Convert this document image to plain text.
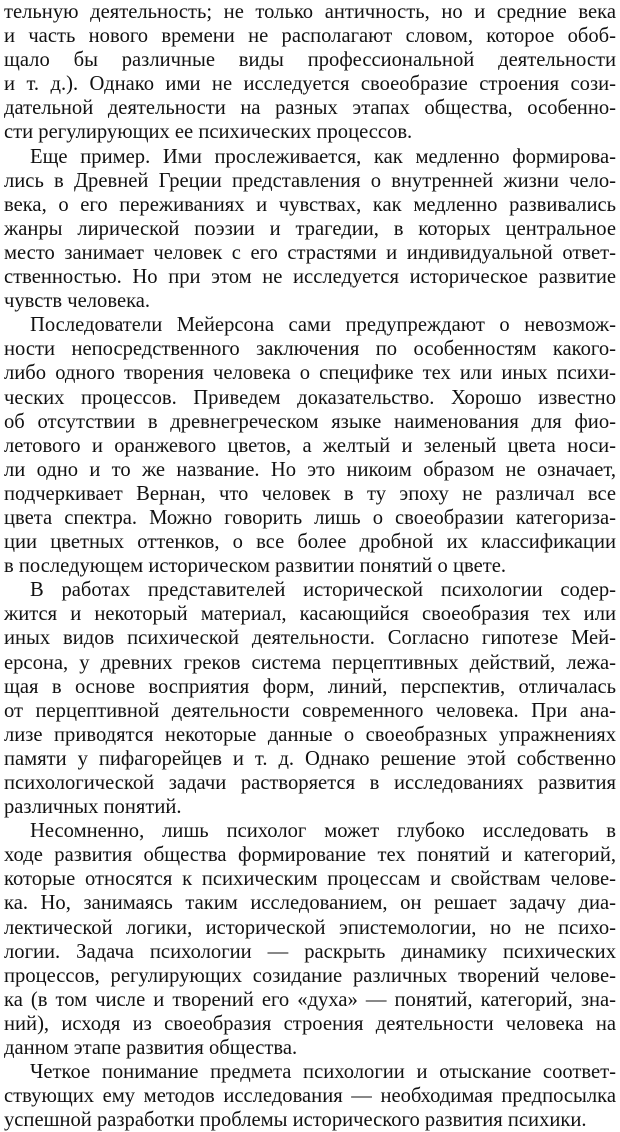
тельную деятельность; не только античность, но и средние века
и часть нового времени не располагают словом, которое обоб-
щало бы различные виды профессиональной деятельности
и т. д.). Однако ими не исследуется своеобразие строения сози-
дательной деятельности на разных этапах общества, особенно-
сти регулирующих ее психических процессов.
Еще пример. Ими прослеживается, как медленно формирова-
лись в Древней Греции представления о внутренней жизни чело-
века, о его переживаниях и чувствах, как медленно развивались
жанры лирической поэзии и трагедии, в которых центральное
место занимает человек с его страстями и индивидуальной ответ-
ственностью. Но при этом не исследуется историческое развитие
чувств человека.
Последователи Мейерсона сами предупреждают о невозмож-
ности непосредственного заключения по особенностям какого-
либо одного творения человека о специфике тех или иных психи-
ческих процессов. Приведем доказательство. Хорошо известно
об отсутствии в древнегреческом языке наименования для фио-
летового и оранжевого цветов, а желтый и зеленый цвета носи-
ли одно и то же название. Но это никоим образом не означает,
подчеркивает Вернан, что человек в ту эпоху не различал все
цвета спектра. Можно говорить лишь о своеобразии категориза-
ции цветных оттенков, о все более дробной их классификации
в последующем историческом развитии понятий о цвете.
В работах представителей исторической психологии содер-
жится и некоторый материал, касающийся своеобразия тех или
иных видов психической деятельности. Согласно гипотезе Мей-
ерсона, у древних греков система перцептивных действий, лежа-
щая в основе восприятия форм, линий, перспектив, отличалась
от перцептивной деятельности современного человека. При ана-
лизе приводятся некоторые данные о своеобразных упражнениях
памяти у пифагорейцев и т. д. Однако решение этой собственно
психологической задачи растворяется в исследованиях развития
различных понятий.
Несомненно, лишь психолог может глубоко исследовать в
ходе развития общества формирование тех понятий и категорий,
которые относятся к психическим процессам и свойствам челове-
ка. Но, занимаясь таким исследованием, он решает задачу диа-
лектической логики, исторической эпистемологии, но не психо-
логии. Задача психологии — раскрыть динамику психических
процессов, регулирующих созидание различных творений челове-
ка (в том числе и творений его «духа» — понятий, категорий, зна-
ний), исходя из своеобразия строения деятельности человека на
данном этапе развития общества.
Четкое понимание предмета психологии и отыскание соответ-
ствующих ему методов исследования — необходимая предпосылка
успешной разработки проблемы исторического развития психики.
